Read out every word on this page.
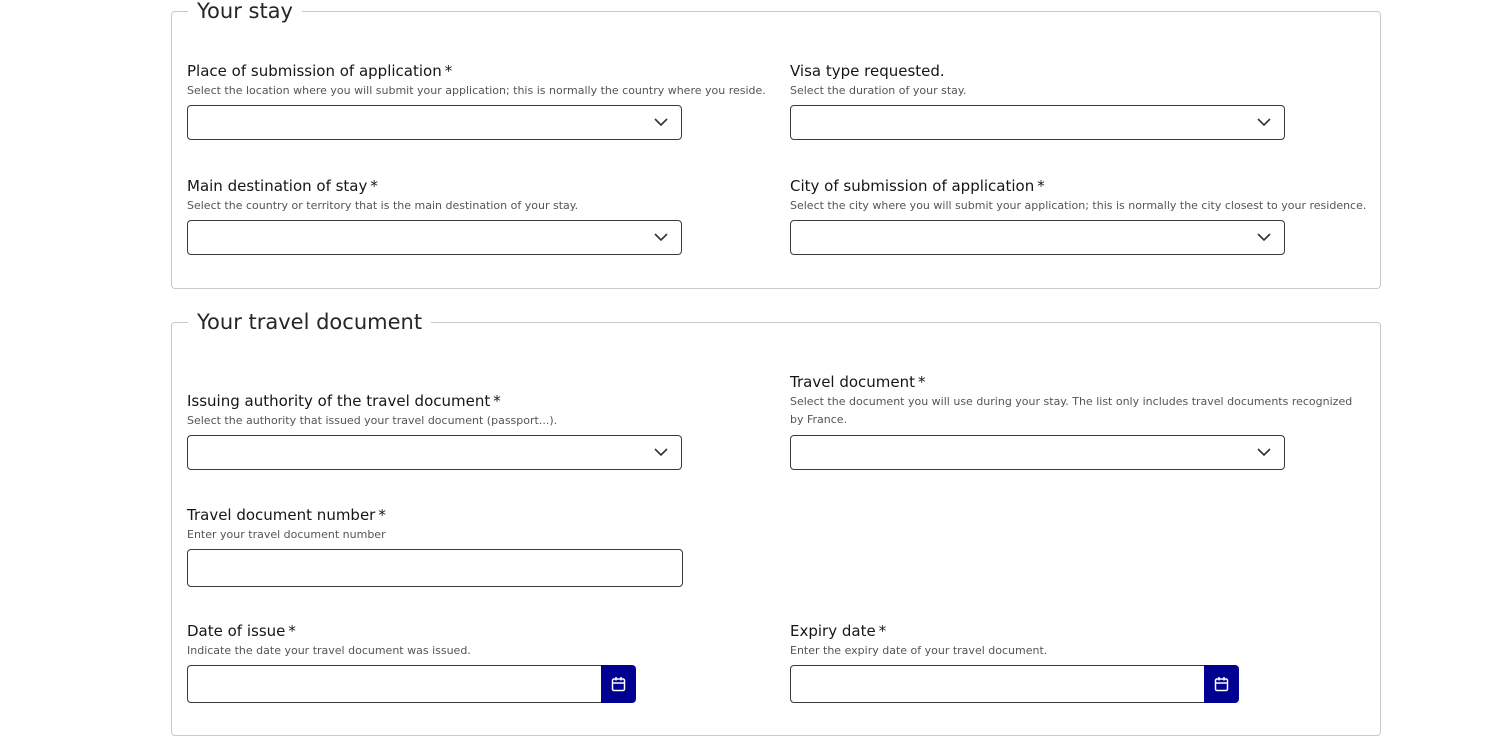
Your stay
Place of submission of application *
Select the location where you will submit your application; this is normally the country where you reside.
Visa type requested.
Select the duration of your stay.
Main destination of stay *
Select the country or territory that is the main destination of your stay.
City of submission of application *
Select the city where you will submit your application; this is normally the city closest to your residence.
Your travel document
Issuing authority of the travel document *
Select the authority that issued your travel document (passport...).
Travel document *
Select the document you will use during your stay. The list only includes travel documents recognized by France.
Travel document number *
Enter your travel document number
Date of issue *
Indicate the date your travel document was issued.
Expiry date *
Enter the expiry date of your travel document.
